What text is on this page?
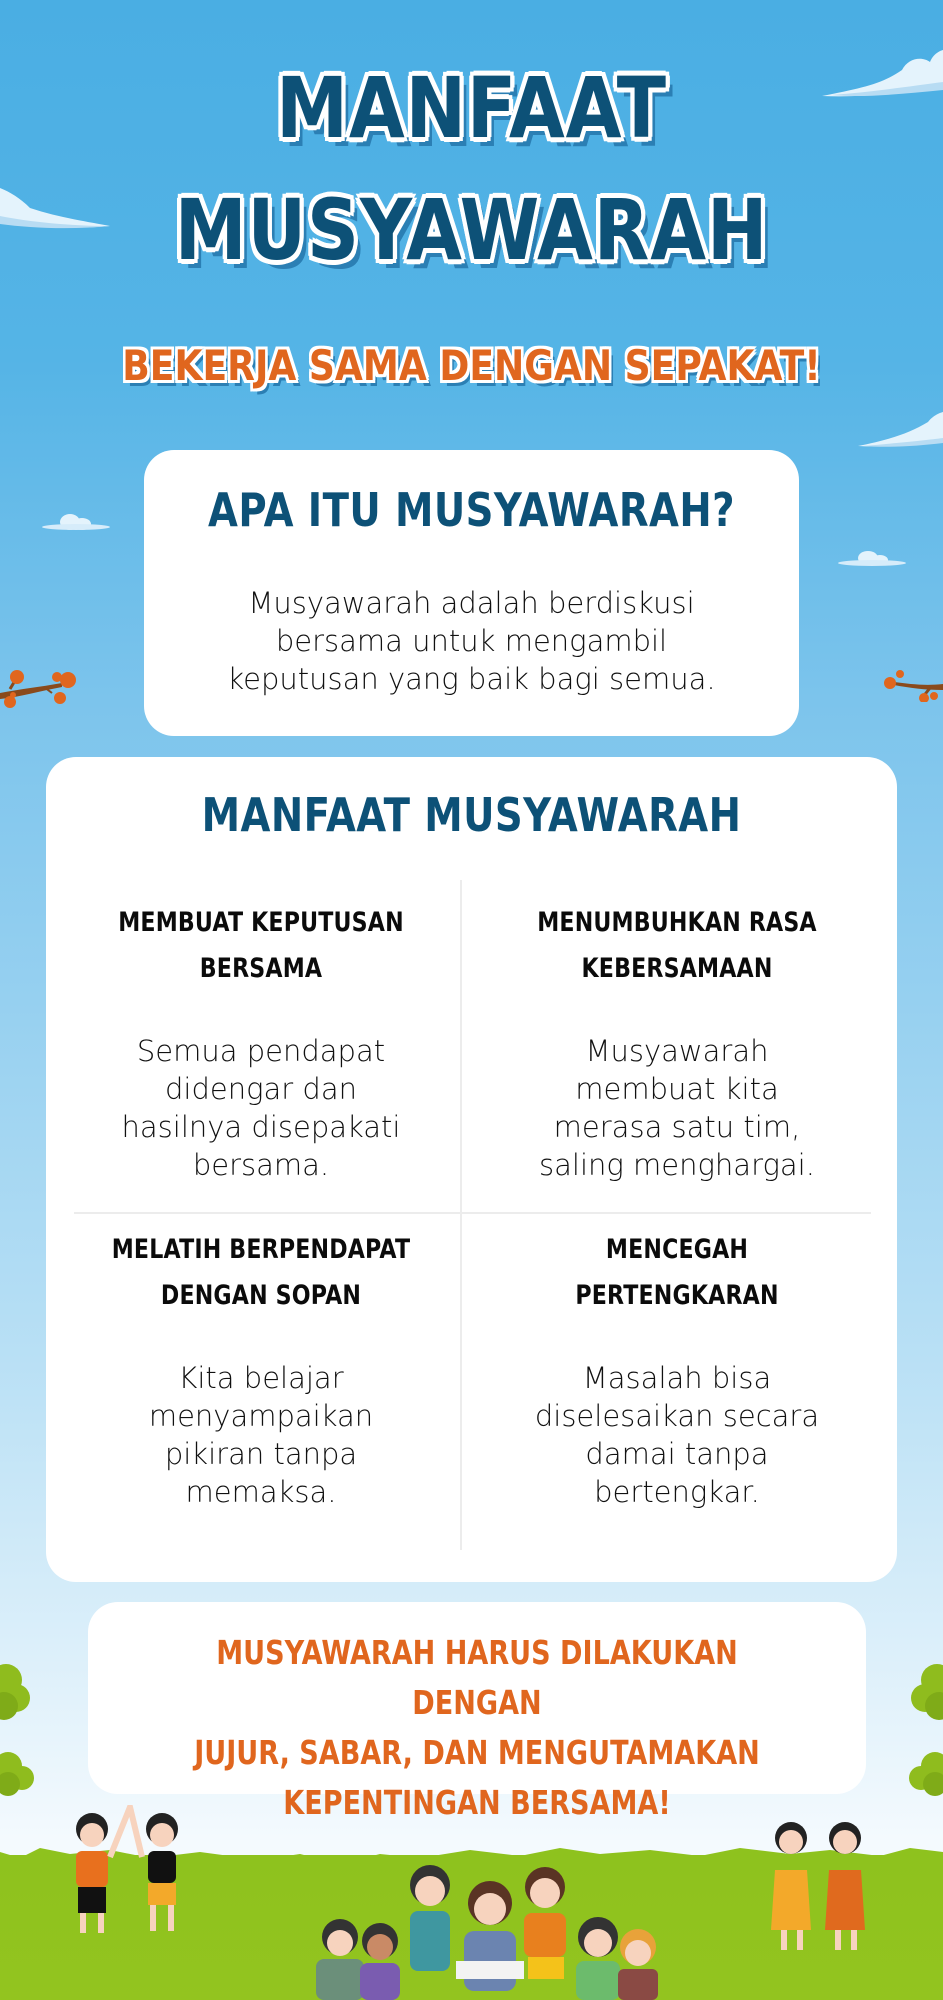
MANFAAT
MUSYAWARAH
BEKERJA SAMA DENGAN SEPAKAT!
APA ITU MUSYAWARAH?
Musyawarah adalah berdiskusi
bersama untuk mengambil
keputusan yang baik bagi semua.
MANFAAT MUSYAWARAH
MEMBUAT KEPUTUSAN
BERSAMA
Semua pendapat
didengar dan
hasilnya disepakati
bersama.
MENUMBUHKAN RASA
KEBERSAMAAN
Musyawarah
membuat kita
merasa satu tim,
saling menghargai.
MELATIH BERPENDAPAT
DENGAN SOPAN
Kita belajar
menyampaikan
pikiran tanpa
memaksa.
MENCEGAH
PERTENGKARAN
Masalah bisa
diselesaikan secara
damai tanpa
bertengkar.
MUSYAWARAH HARUS DILAKUKAN DENGAN
JUJUR, SABAR, DAN MENGUTAMAKAN
KEPENTINGAN BERSAMA!
